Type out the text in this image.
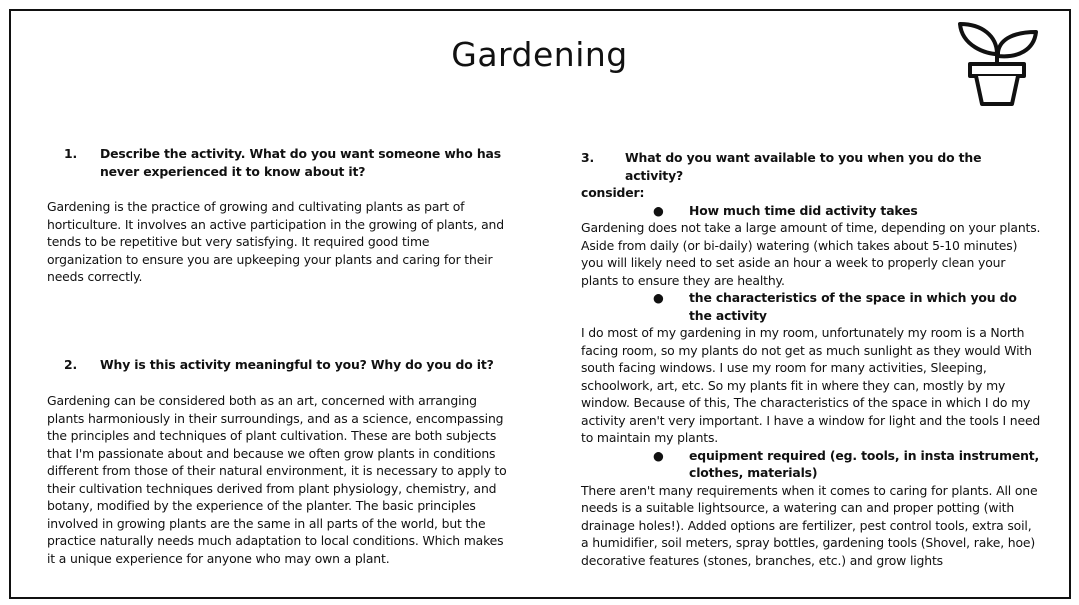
Gardening
1.	Describe the activity. What do you want someone who has never experienced it to know about it?

Gardening is the practice of growing and cultivating plants as part of horticulture. It involves an active participation in the growing of plants, and tends to be repetitive but very satisfying. It required good time organization to ensure you are upkeeping your plants and caring for their needs correctly.

2.	Why is this activity meaningful to you? Why do you do it?

Gardening can be considered both as an art, concerned with arranging plants harmoniously in their surroundings, and as a science, encompassing the principles and techniques of plant cultivation. These are both subjects that I'm passionate about and because we often grow plants in conditions different from those of their natural environment, it is necessary to apply to their cultivation techniques derived from plant physiology, chemistry, and botany, modified by the experience of the planter. The basic principles involved in growing plants are the same in all parts of the world, but the practice naturally needs much adaptation to local conditions. Which makes it a unique experience for anyone who may own a plant.

3.	What do you want available to you when you do the activity?
consider:
●	How much time did activity takes

Gardening does not take a large amount of time, depending on your plants. Aside from daily (or bi-daily) watering (which takes about 5-10 minutes) you will likely need to set aside an hour a week to properly clean your plants to ensure they are healthy.

●	the characteristics of the space in which you do the activity

I do most of my gardening in my room, unfortunately my room is a North facing room, so my plants do not get as much sunlight as they would With south facing windows. I use my room for many activities, Sleeping, schoolwork, art, etc. So my plants fit in where they can, mostly by my window. Because of this, The characteristics of the space in which I do my activity aren't very important. I have a window for light and the tools I need to maintain my plants.

●	equipment required (eg. tools, in insta instrument, clothes, materials)

There aren't many requirements when it comes to caring for plants. All one needs is a suitable lightsource, a watering can and proper potting (with drainage holes!). Added options are fertilizer, pest control tools, extra soil, a humidifier, soil meters, spray bottles, gardening tools (Shovel, rake, hoe) decorative features (stones, branches, etc.) and grow lights
